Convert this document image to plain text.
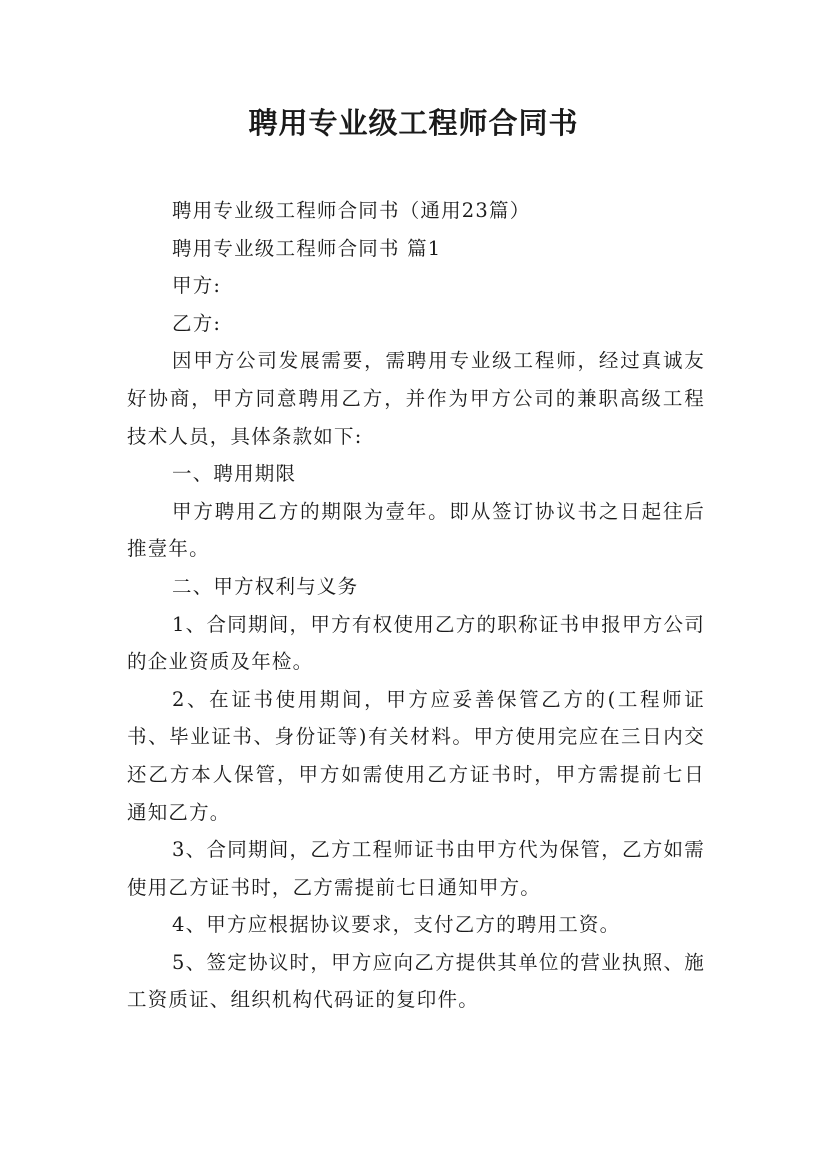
聘用专业级工程师合同书

聘用专业级工程师合同书（通用23篇）

聘用专业级工程师合同书 篇1

甲方:

乙方:

因甲方公司发展需要，需聘用专业级工程师，经过真诚友好协商，甲方同意聘用乙方，并作为甲方公司的兼职高级工程技术人员，具体条款如下:

一、聘用期限

甲方聘用乙方的期限为壹年。即从签订协议书之日起往后推壹年。

二、甲方权利与义务

1、合同期间，甲方有权使用乙方的职称证书申报甲方公司的企业资质及年检。

2、在证书使用期间，甲方应妥善保管乙方的(工程师证书、毕业证书、身份证等)有关材料。甲方使用完应在三日内交还乙方本人保管，甲方如需使用乙方证书时，甲方需提前七日通知乙方。

3、合同期间，乙方工程师证书由甲方代为保管，乙方如需使用乙方证书时，乙方需提前七日通知甲方。

4、甲方应根据协议要求，支付乙方的聘用工资。

5、签定协议时，甲方应向乙方提供其单位的营业执照、施工资质证、组织机构代码证的复印件。
